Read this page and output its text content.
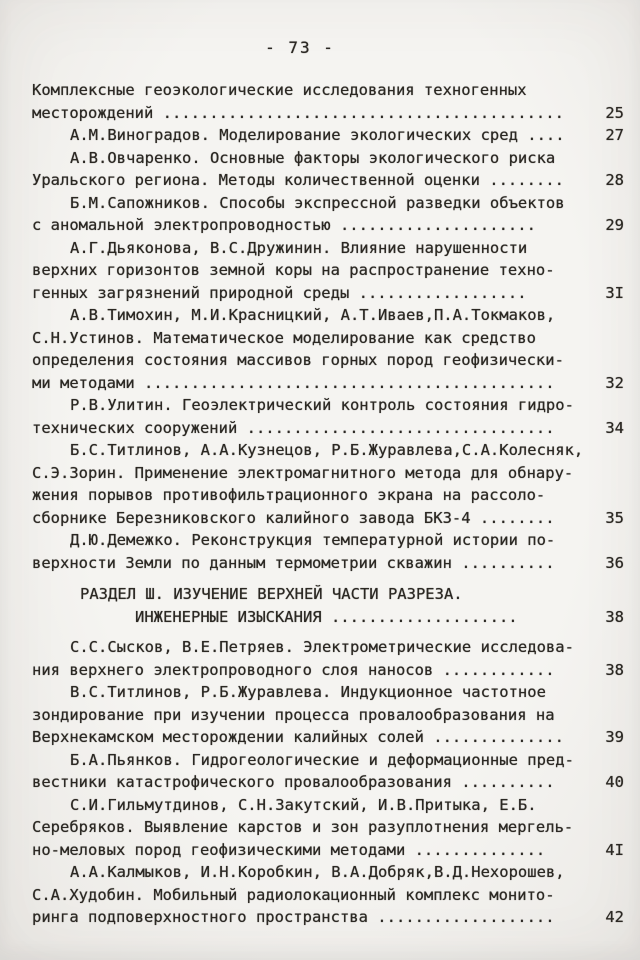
- 73 -
Комплексные геоэкологические исследования техногенных
месторождений ...........................................	25
А.М.Виноградов. Моделирование экологических сред ....	27
А.В.Овчаренко. Основные факторы экологического риска
Уральского региона. Методы количественной оценки ........	28
Б.М.Сапожников. Способы экспрессной разведки объектов
с аномальной электропроводностью .....................	29
А.Г.Дьяконова, В.С.Дружинин. Влияние нарушенности
верхних горизонтов земной коры на распространение техно-
генных загрязнений природной среды ..................	3I
А.В.Тимохин, М.И.Красницкий, А.Т.Иваев,П.А.Токмаков,
С.Н.Устинов. Математическое моделирование как средство
определения состояния массивов горных пород геофизически-
ми методами ............................................	32
Р.В.Улитин. Геоэлектрический контроль состояния гидро-
технических сооружений .................................	34
Б.С.Титлинов, А.А.Кузнецов, Р.Б.Журавлева,С.А.Колесняк,
С.Э.Зорин. Применение электромагнитного метода для обнару-
жения порывов противофильтрационного экрана на рассоло-
сборнике Березниковского калийного завода БКЗ-4 ........	35
Д.Ю.Демежко. Реконструкция температурной истории по-
верхности Земли по данным термометрии скважин ..........	36
РАЗДЕЛ Ш. ИЗУЧЕНИЕ ВЕРХНЕЙ ЧАСТИ РАЗРЕЗА.
ИНЖЕНЕРНЫЕ ИЗЫСКАНИЯ ....................	38
С.С.Сысков, В.Е.Петряев. Электрометрические исследова-
ния верхнего электропроводного слоя наносов ............	38
В.С.Титлинов, Р.Б.Журавлева. Индукционное частотное
зондирование при изучении процесса провалообразования на
Верхнекамском месторождении калийных солей ..............	39
Б.А.Пьянков. Гидрогеологические и деформационные пред-
вестники катастрофического провалообразования ..........	40
С.И.Гильмутдинов, С.Н.Закутский, И.В.Притыка, Е.Б.
Серебряков. Выявление карстов и зон разуплотнения мергель-
но-меловых пород геофизическими методами ..............	4I
А.А.Калмыков, И.Н.Коробкин, В.А.Добряк,В.Д.Нехорошев,
С.А.Худобин. Мобильный радиолокационный комплекс монито-
ринга подповерхностного пространства ...................	42
